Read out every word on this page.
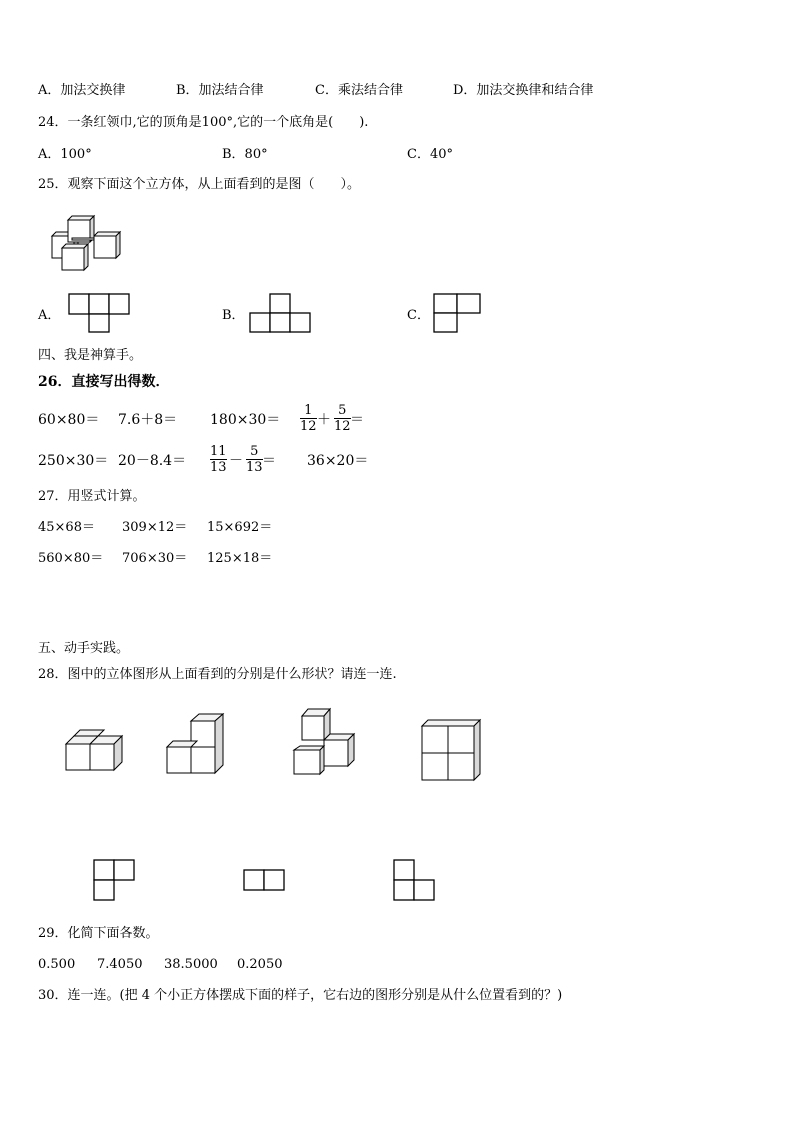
A．加法交换律	B．加法结合律	C．乘法结合律	D．加法交换律和结合律
24．一条红领巾,它的顶角是100°,它的一个底角是(　　).
A．100°	B．80°	C．40°
25．观察下面这个立方体，从上面看到的是图（　　）。
A．	B．	C．
四、我是神算手。
26．直接写出得数．
60×80＝ 7.6＋8＝ 180×30＝
1
12 ＋
5
12 ＝
250×30＝ 20－8.4＝
11
13 －
5
13 ＝ 36×20＝
27．用竖式计算。
45×68＝ 309×12＝ 15×692＝
560×80＝ 706×30＝ 125×18＝
五、动手实践。
28．图中的立体图形从上面看到的分别是什么形状？请连一连.
29．化简下面各数。
0.500 7.4050 38.5000 0.2050
30．连一连。(把 4 个小正方体摆成下面的样子，它右边的图形分别是从什么位置看到的？)
